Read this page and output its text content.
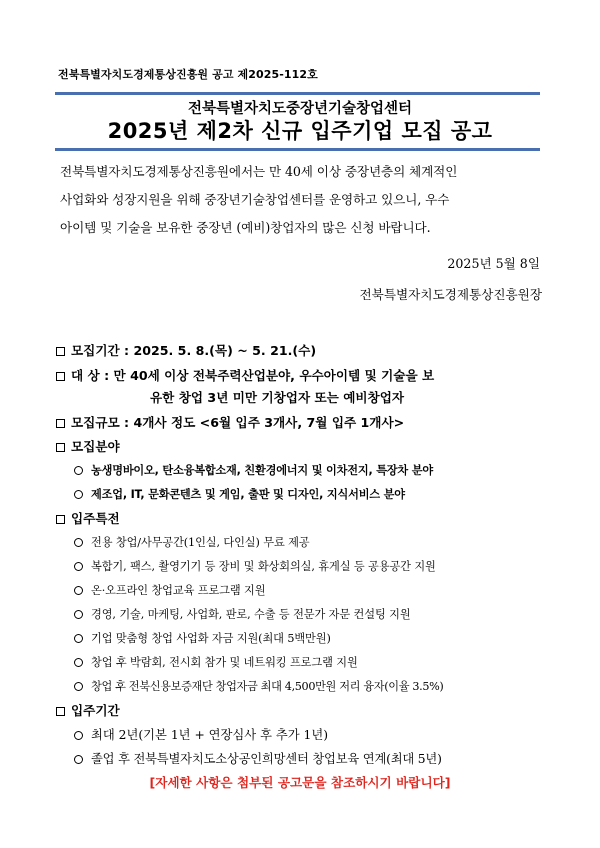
전북특별자치도경제통상진흥원 공고 제2025-112호
전북특별자치도중장년기술창업센터
2025년 제2차 신규 입주기업 모집 공고
전북특별자치도경제통상진흥원에서는 만 40세 이상 중장년층의 체계적인
사업화와 성장지원을 위해 중장년기술창업센터를 운영하고 있으니, 우수
아이템 및 기술을 보유한 중장년 (예비)창업자의 많은 신청 바랍니다.
2025년 5월 8일
전북특별자치도경제통상진흥원장
모집기간 : 2025. 5. 8.(목) ~ 5. 21.(수)
대 상 : 만 40세 이상 전북주력산업분야, 우수아이템 및 기술을 보
유한 창업 3년 미만 기창업자 또는 예비창업자
모집규모 : 4개사 정도 <6월 입주 3개사, 7월 입주 1개사>
모집분야
농생명바이오, 탄소융복합소재, 친환경에너지 및 이차전지, 특장차 분야
제조업, IT, 문화콘텐츠 및 게임, 출판 및 디자인, 지식서비스 분야
입주특전
전용 창업/사무공간(1인실, 다인실) 무료 제공
복합기, 팩스, 촬영기기 등 장비 및 화상회의실, 휴게실 등 공용공간 지원
온·오프라인 창업교육 프로그램 지원
경영, 기술, 마케팅, 사업화, 판로, 수출 등 전문가 자문 컨설팅 지원
기업 맞춤형 창업 사업화 자금 지원(최대 5백만원)
창업 후 박람회, 전시회 참가 및 네트워킹 프로그램 지원
창업 후 전북신용보증재단 창업자금 최대 4,500만원 저리 융자(이율 3.5%)
입주기간
최대 2년(기본 1년 + 연장심사 후 추가 1년)
졸업 후 전북특별자치도소상공인희망센터 창업보육 연계(최대 5년)
[자세한 사항은 첨부된 공고문을 참조하시기 바랍니다]
